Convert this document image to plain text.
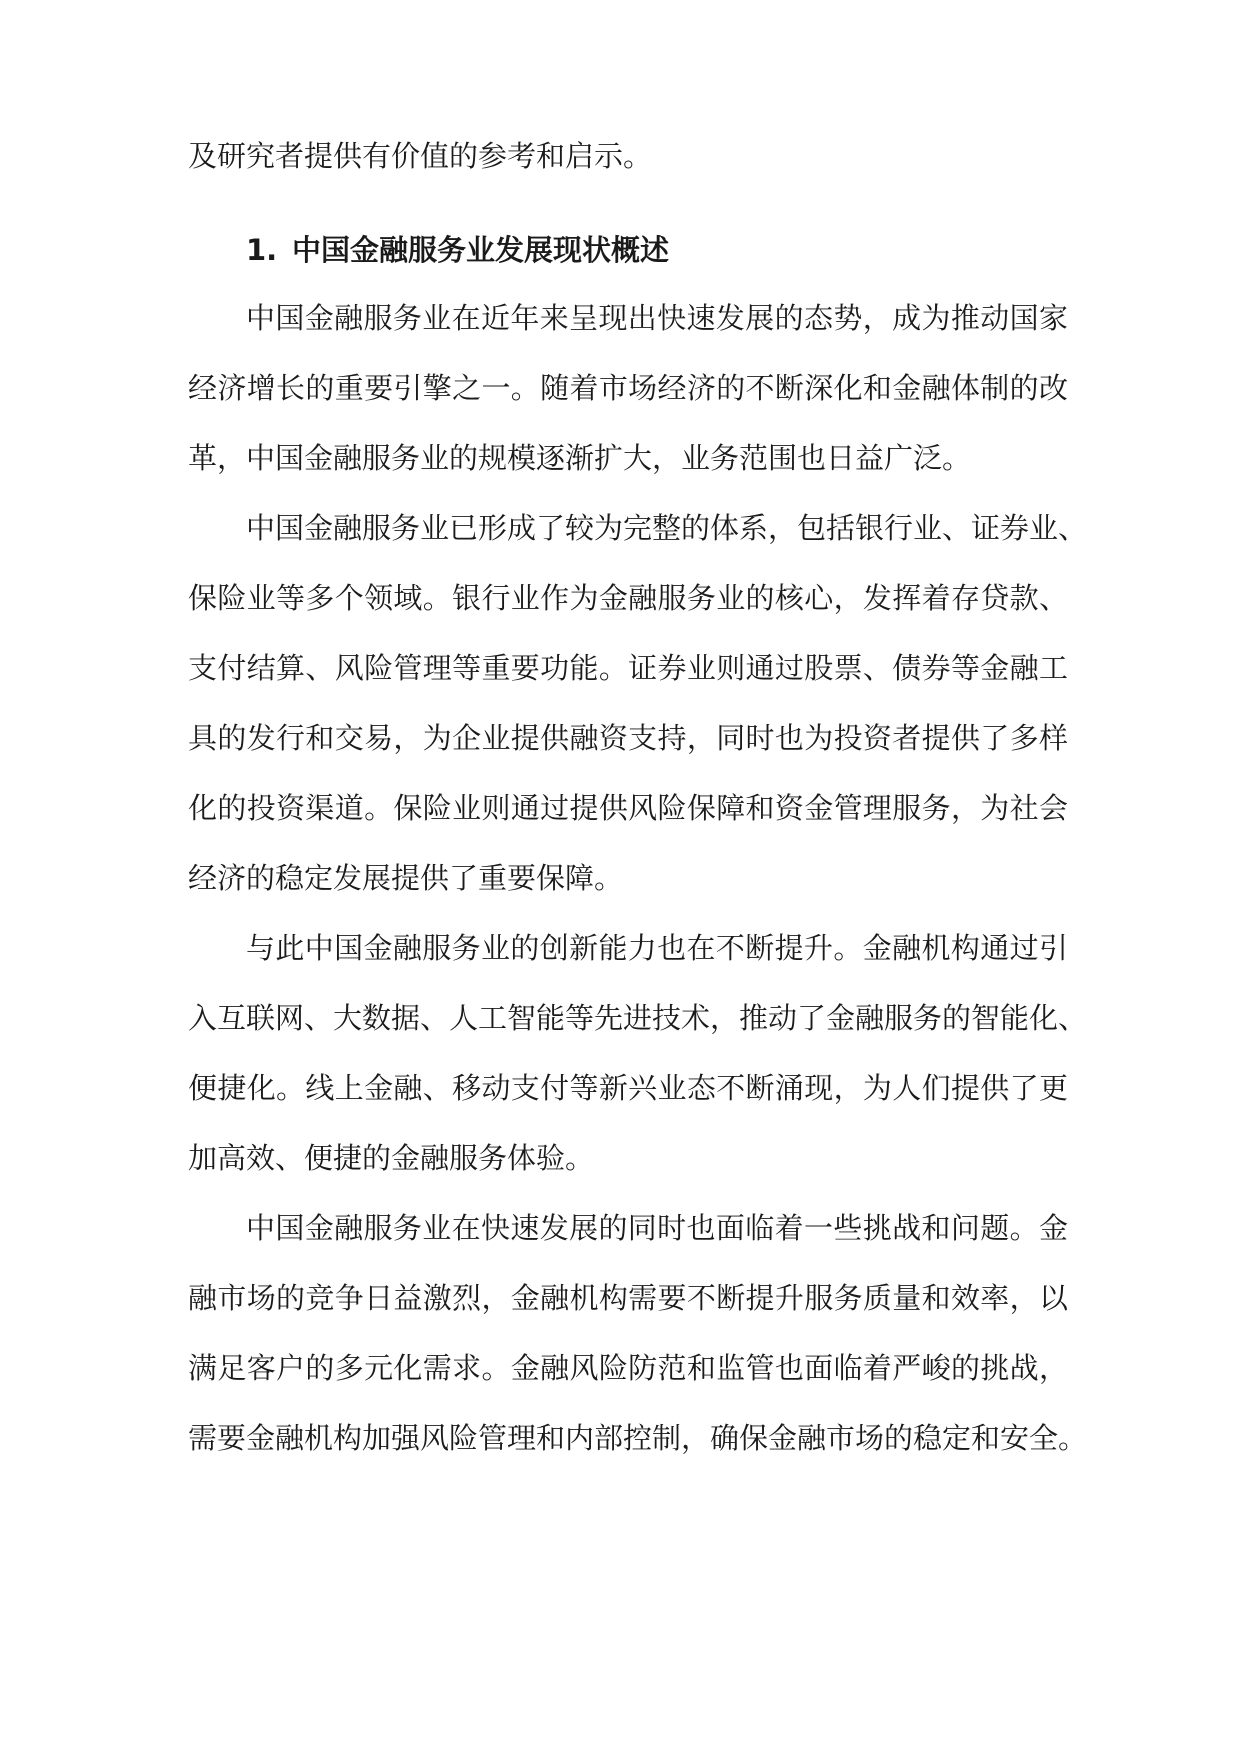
及研究者提供有价值的参考和启示。
1. 中国金融服务业发展现状概述
中国金融服务业在近年来呈现出快速发展的态势，成为推动国家
经济增长的重要引擎之一。随着市场经济的不断深化和金融体制的改
革，中国金融服务业的规模逐渐扩大，业务范围也日益广泛。
中国金融服务业已形成了较为完整的体系，包括银行业、证券业、
保险业等多个领域。银行业作为金融服务业的核心，发挥着存贷款、
支付结算、风险管理等重要功能。证券业则通过股票、债券等金融工
具的发行和交易，为企业提供融资支持，同时也为投资者提供了多样
化的投资渠道。保险业则通过提供风险保障和资金管理服务，为社会
经济的稳定发展提供了重要保障。
与此中国金融服务业的创新能力也在不断提升。金融机构通过引
入互联网、大数据、人工智能等先进技术，推动了金融服务的智能化、
便捷化。线上金融、移动支付等新兴业态不断涌现，为人们提供了更
加高效、便捷的金融服务体验。
中国金融服务业在快速发展的同时也面临着一些挑战和问题。金
融市场的竞争日益激烈，金融机构需要不断提升服务质量和效率，以
满足客户的多元化需求。金融风险防范和监管也面临着严峻的挑战，
需要金融机构加强风险管理和内部控制，确保金融市场的稳定和安全。
